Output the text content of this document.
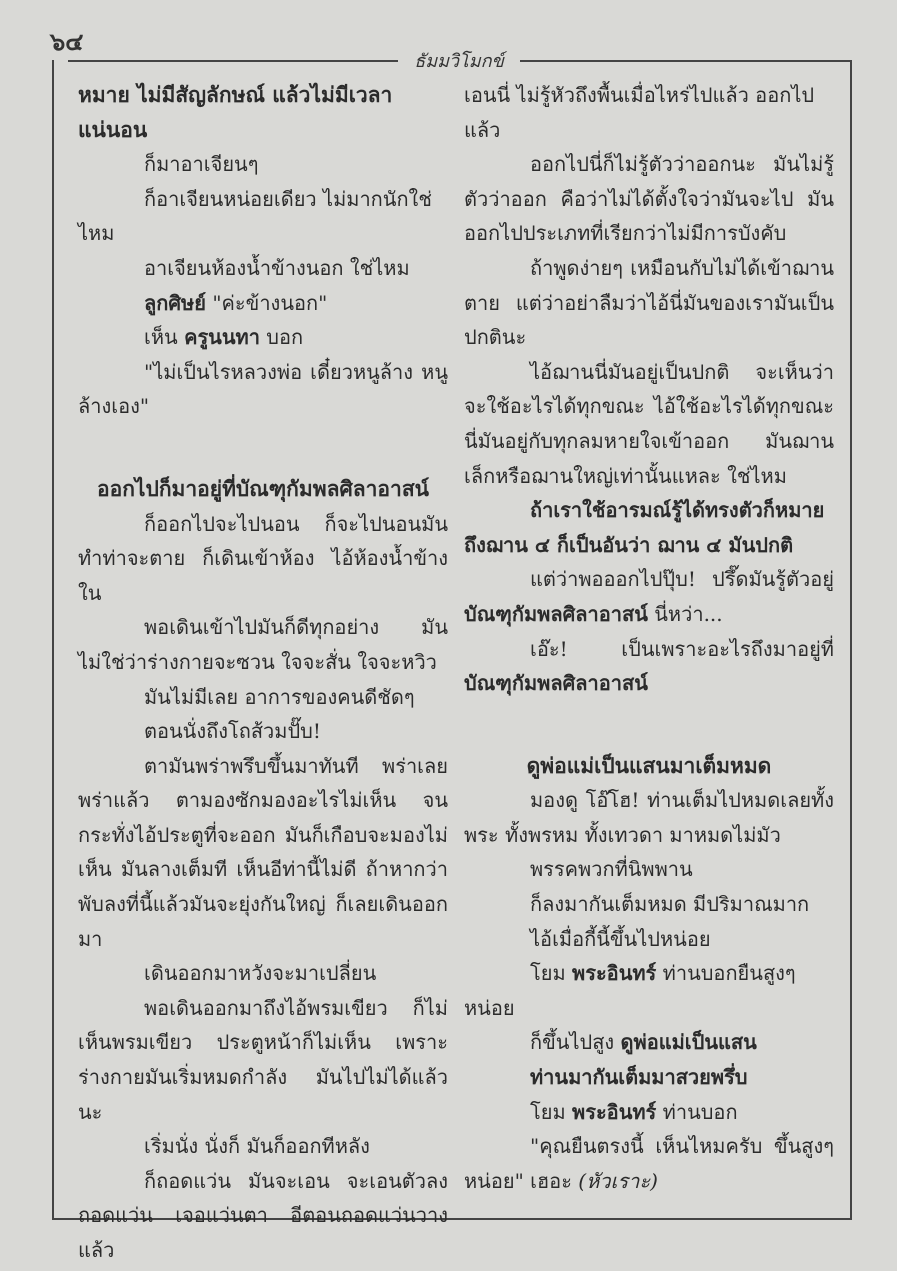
๖๔
ธัมมวิโมกข์

หมาย ไม่มีสัญลักษณ์ แล้วไม่มีเวลาแน่นอน

ก็มาอาเจียนๆ

ก็อาเจียนหน่อยเดียว ไม่มากนักใช่ไหม

อาเจียนห้องน้ำข้างนอก ใช่ไหม

ลูกศิษย์ "ค่ะข้างนอก"

เห็น ครูนนทา บอก

"ไม่เป็นไรหลวงพ่อ เดี๋ยวหนูล้าง หนูล้างเอง"

ออกไปก็มาอยู่ที่บัณฑุกัมพลศิลาอาสน์

ก็ออกไปจะไปนอน ก็จะไปนอนมันทำท่าจะตาย ก็เดินเข้าห้อง ไอ้ห้องน้ำข้างใน

พอเดินเข้าไปมันก็ดีทุกอย่าง มันไม่ใช่ว่าร่างกายจะซวน ใจจะสั่น ใจจะหวิว

มันไม่มีเลย อาการของคนดีชัดๆ

ตอนนั่งถึงโถส้วมปั๊บ!

ตามันพร่าพรึบขึ้นมาทันที พร่าเลย พร่าแล้ว ตามองซักมองอะไรไม่เห็น จนกระทั่งไอ้ประตูที่จะออก มันก็เกือบจะมองไม่เห็น มันลางเต็มที เห็นอีท่านี้ไม่ดี ถ้าหากว่าพับลงที่นี้แล้วมันจะยุ่งกันใหญ่ ก็เลยเดินออกมา

เดินออกมาหวังจะมาเปลี่ยน

พอเดินออกมาถึงไอ้พรมเขียว ก็ไม่เห็นพรมเขียว ประตูหน้าก็ไม่เห็น เพราะร่างกายมันเริ่มหมดกำลัง มันไปไม่ได้แล้วนะ

เริ่มนั่ง นั่งก็ มันก็ออกทีหลัง

ก็ถอดแว่น มันจะเอน จะเอนตัวลงถอดแว่น เจอแว่นตา อีตอนถอดแว่นวางแล้ว

เอนนี่ ไม่รู้หัวถึงพื้นเมื่อไหร่ไปแล้ว ออกไปแล้ว

ออกไปนี่ก็ไม่รู้ตัวว่าออกนะ มันไม่รู้ตัวว่าออก คือว่าไม่ได้ตั้งใจว่ามันจะไป มันออกไปประเภทที่เรียกว่าไม่มีการบังคับ

ถ้าพูดง่ายๆ เหมือนกับไม่ได้เข้าฌานตาย แต่ว่าอย่าลืมว่าไอ้นี่มันของเรามันเป็นปกตินะ

ไอ้ฌานนี่มันอยู่เป็นปกติ จะเห็นว่าจะใช้อะไรได้ทุกขณะ ไอ้ใช้อะไรได้ทุกขณะนี่มันอยู่กับทุกลมหายใจเข้าออก มันฌานเล็กหรือฌานใหญ่เท่านั้นแหละ ใช่ไหม

ถ้าเราใช้อารมณ์รู้ได้ทรงตัวก็หมายถึงฌาน ๔ ก็เป็นอันว่า ฌาน ๔ มันปกติ

แต่ว่าพอออกไปปุ๊บ! ปรึ๊ดมันรู้ตัวอยู่ บัณฑุกัมพลศิลาอาสน์ นี่หว่า...

เอ๊ะ! เป็นเพราะอะไรถึงมาอยู่ที่ บัณฑุกัมพลศิลาอาสน์

ดูพ่อแม่เป็นแสนมาเต็มหมด

มองดู โอ๊โฮ! ท่านเต็มไปหมดเลยทั้งพระ ทั้งพรหม ทั้งเทวดา มาหมดไม่มัว

พรรคพวกที่นิพพาน

ก็ลงมากันเต็มหมด มีปริมาณมาก

ไอ้เมื่อกี้นี้ขึ้นไปหน่อย

โยม พระอินทร์ ท่านบอกยืนสูงๆ หน่อย

ก็ขึ้นไปสูง ดูพ่อแม่เป็นแสน

ท่านมากันเต็มมาสวยพรึ่บ

โยม พระอินทร์ ท่านบอก

"คุณยืนตรงนี้ เห็นไหมครับ ขึ้นสูงๆ หน่อย" เฮอะ (หัวเราะ)
